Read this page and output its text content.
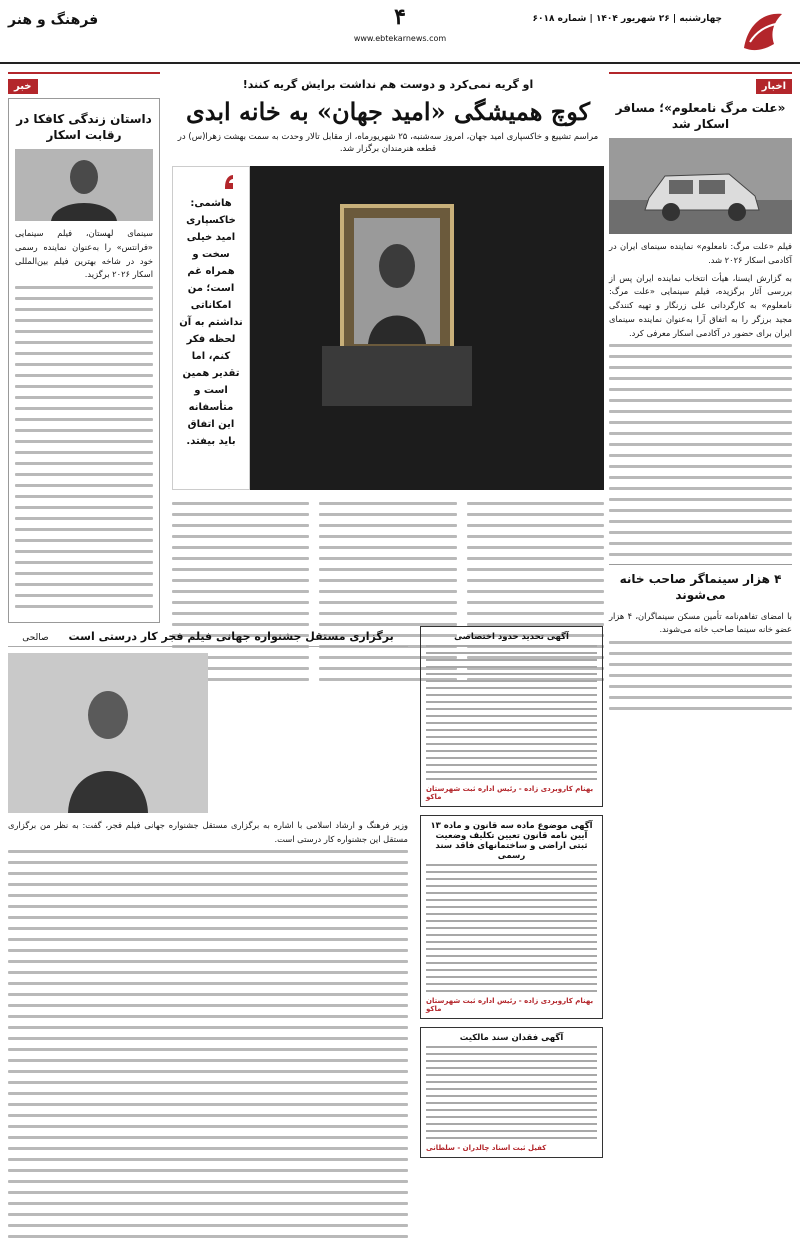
چهارشنبه | ۲۶ شهریور ۱۴۰۴ | شماره ۶۰۱۸
۴
www.ebtekarnews.com
فرهنگ و هنر
اخبار
«علت مرگ نامعلوم»؛ مسافر اسکار شد
فیلم «علت مرگ: نامعلوم» نماینده سینمای ایران در آکادمی اسکار ۲۰۲۶ شد.
به گزارش ایسنا، هیأت انتخاب نماینده ایران پس از بررسی آثار برگزیده، فیلم سینمایی «علت مرگ: نامعلوم» به کارگردانی علی زرنگار و تهیه کنندگی مجید برزگر را به اتفاق آرا به‌عنوان نماینده سینمای ایران برای حضور در آکادمی اسکار معرفی کرد.
۴ هزار سینماگر صاحب خانه می‌شوند
با امضای تفاهم‌نامه تأمین مسکن سینماگران، ۴ هزار عضو خانه سینما صاحب خانه می‌شوند.
خبر
داستان زندگی کافکا در رقابت اسکار
سینمای لهستان، فیلم سینمایی «فرانتس» را به‌عنوان نماینده رسمی خود در شاخه بهترین فیلم بین‌المللی اسکار ۲۰۲۶ برگزید.
او گریه نمی‌کرد و دوست هم نداشت برایش گریه کنند!
کوچ همیشگی «امید جهان» به خانه ابدی
مراسم تشییع و خاکسپاری امید جهان، امروز سه‌شنبه، ۲۵ شهریورماه، از مقابل تالار وحدت به سمت بهشت زهرا(س) در قطعه هنرمندان برگزار شد.
هاشمی: خاکسپاری امید خیلی سخت و همراه غم است؛ من امکاناتی نداشتم به آن لحظه فکر کنم، اما تقدیر همین است و متأسفانه این اتفاق باید بیفتد.
برگزاری مستقل جشنواره جهانی فیلم فجر کار درستی است صالحی
وزیر فرهنگ و ارشاد اسلامی با اشاره به برگزاری مستقل جشنواره جهانی فیلم فجر، گفت: به نظر من برگزاری مستقل این جشنواره کار درستی است.
آگهی تحدید حدود اختصاصی
بهنام کاروبردی زاده - رئیس اداره ثبت شهرستان ماکو
آگهی موضوع ماده سه قانون و ماده ۱۳ آیین نامه قانون تعیین تکلیف وضعیت ثبتی اراضی و ساختمانهای فاقد سند رسمی
بهنام کاروبردی زاده - رئیس اداره ثبت شهرستان ماکو
آگهی فقدان سند مالکیت
کفیل ثبت اسناد چالدران - سلطانی
